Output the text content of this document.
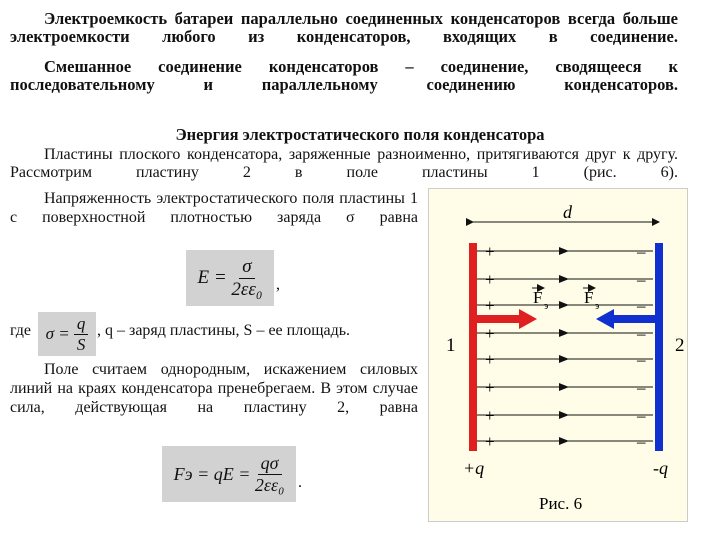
Электроемкость батареи параллельно соединенных конденсаторов всегда больше электроемкости любого из конденсаторов, входящих в соединение.
Смешанное соединение конденсаторов – соединение, сводящееся к последовательному и параллельному соединению конденсаторов.
Энергия электростатического поля конденсатора
Пластины плоского конденсатора, заряженные разноименно, притягиваются друг к другу. Рассмотрим пластину 2 в поле пластины 1 (рис. 6).
Напряженность электростатического поля пластины 1 с поверхностной плотностью заряда σ равна
E =
$\frac{\sigma}{\text{2εε₀}}$ ,
где σ =
$\frac{q}{S}$ , q – заряд пластины, S – ее площадь.
Поле считаем однородным, искажением силовых линий на краях конденсатора пренебрегаем. В этом случае сила, действующая на пластину 2, равна
Fэ = qE =
$\frac{q\sigma}{\text{2εε₀}}$ .
d
+
+
+
+
+
+
+
+
–
–
–
–
–
–
–
–
F э F э
1	2
+q	-q
Рис. 6
